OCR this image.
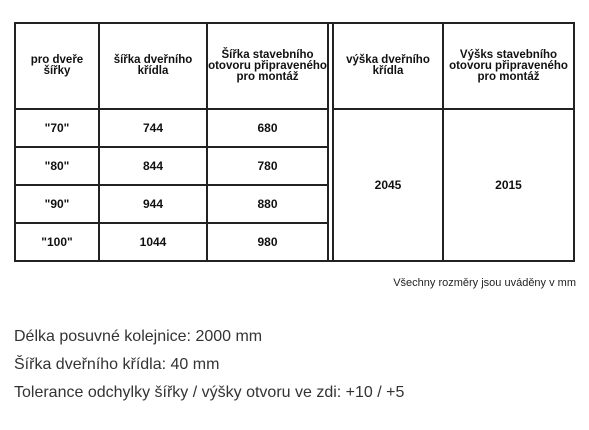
pro dveře šířky	šířka dveřního křídla	Šířka stavebního otovoru připraveného pro montáž		výška dveřního křídla	Výšks stavebního otovoru připraveného pro montáž
"70"	744	680		2045	2015
"80"	844	780			
"90"	944	880			
"100"	1044	980			
Všechny rozměry jsou uváděny v mm
Délka posuvné kolejnice: 2000 mm
Šířka dveřního křídla: 40 mm
Tolerance odchylky šířky / výšky otvoru ve zdi: +10 / +5
